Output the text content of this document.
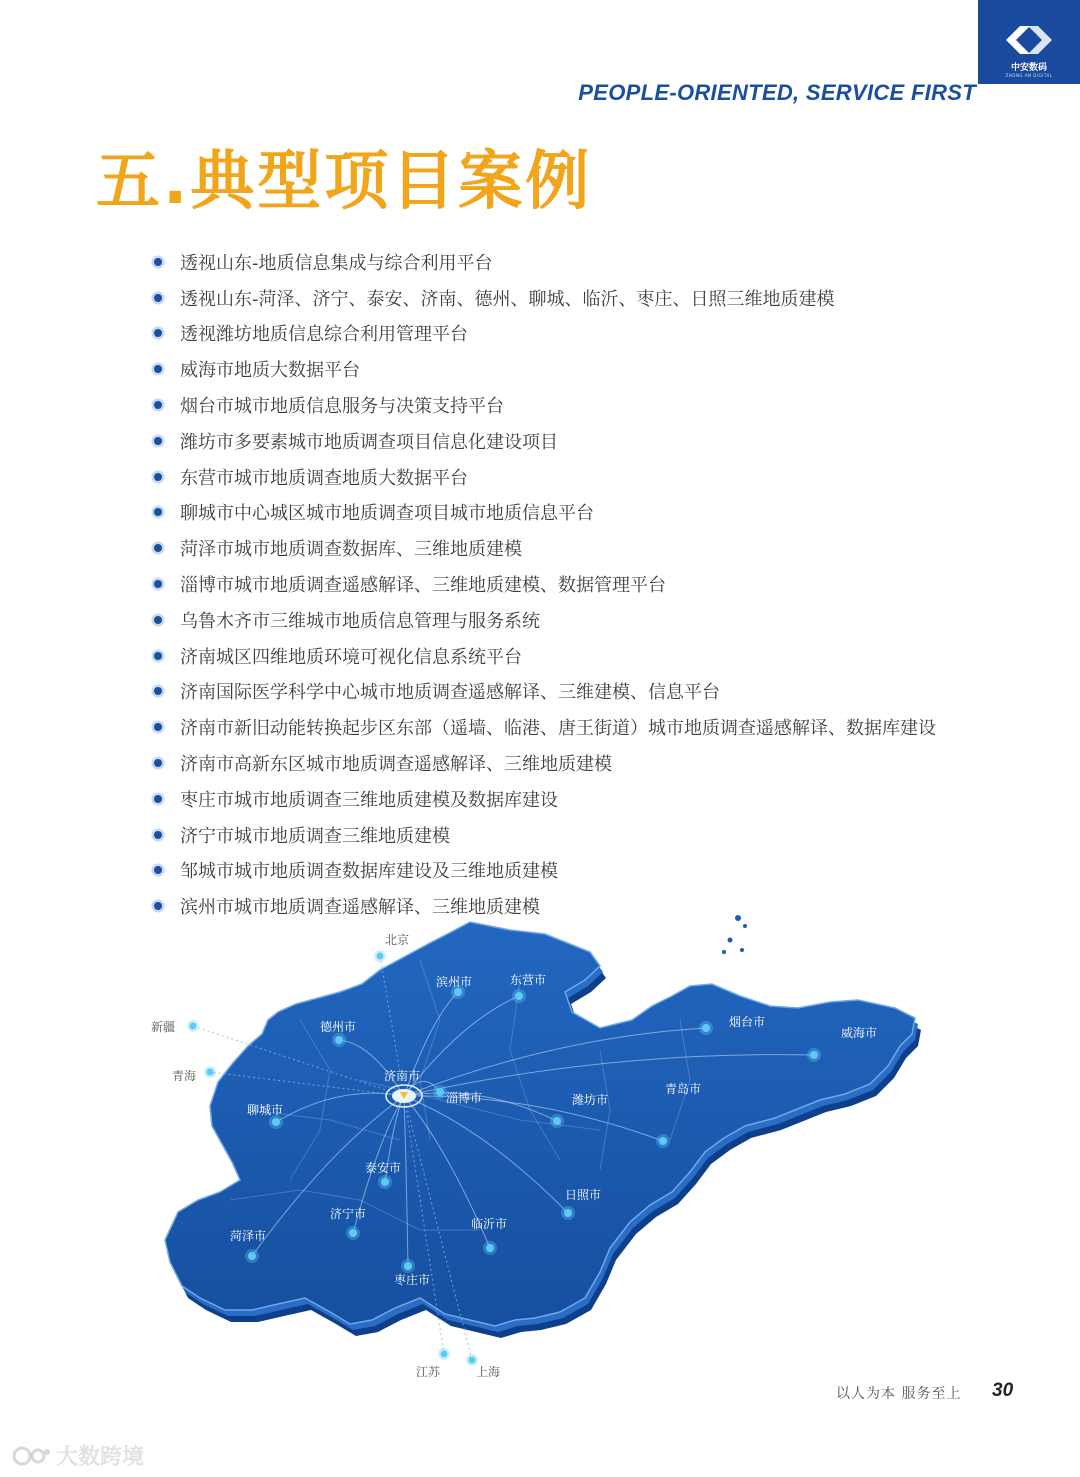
中安数码
ZHONG AN DIGITAL
PEOPLE-ORIENTED, SERVICE FIRST
五.典型项目案例
透视山东-地质信息集成与综合利用平台
透视山东-菏泽、济宁、泰安、济南、德州、聊城、临沂、枣庄、日照三维地质建模
透视潍坊地质信息综合利用管理平台
威海市地质大数据平台
烟台市城市地质信息服务与决策支持平台
潍坊市多要素城市地质调查项目信息化建设项目
东营市城市地质调查地质大数据平台
聊城市中心城区城市地质调查项目城市地质信息平台
菏泽市城市地质调查数据库、三维地质建模
淄博市城市地质调查遥感解译、三维地质建模、数据管理平台
乌鲁木齐市三维城市地质信息管理与服务系统
济南城区四维地质环境可视化信息系统平台
济南国际医学科学中心城市地质调查遥感解译、三维建模、信息平台
济南市新旧动能转换起步区东部（遥墙、临港、唐王街道）城市地质调查遥感解译、数据库建设
济南市高新东区城市地质调查遥感解译、三维地质建模
枣庄市城市地质调查三维地质建模及数据库建设
济宁市城市地质调查三维地质建模
邹城市城市地质调查数据库建设及三维地质建模
滨州市城市地质调查遥感解译、三维地质建模
滨州市	东营市
德州市	烟台市
威海市
淄博市
聊城市
潍坊市
青岛市
泰安市
日照市
济宁市
临沂市
菏泽市
枣庄市
济南市
北京
新疆
青海
江苏	上海
以人为本 服务至上 30
大数跨境
